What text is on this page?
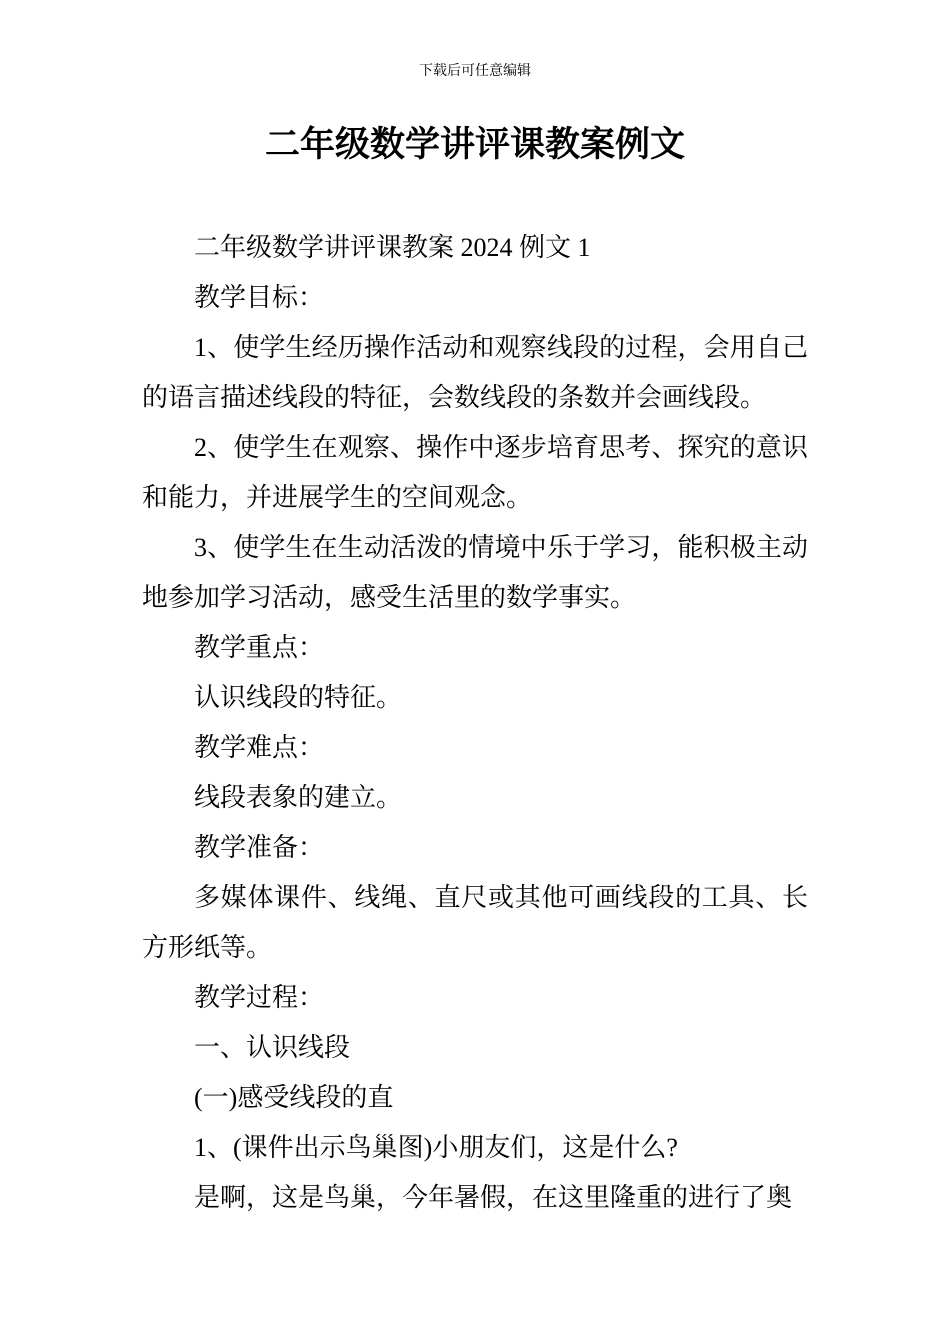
下载后可任意编辑
二年级数学讲评课教案例文

二年级数学讲评课教案 2024 例文 1

教学目标：

1、使学生经历操作活动和观察线段的过程，会用自己的语言描述线段的特征，会数线段的条数并会画线段。

2、使学生在观察、操作中逐步培育思考、探究的意识和能力，并进展学生的空间观念。

3、使学生在生动活泼的情境中乐于学习，能积极主动地参加学习活动，感受生活里的数学事实。

教学重点：

认识线段的特征。

教学难点：

线段表象的建立。

教学准备：

多媒体课件、线绳、直尺或其他可画线段的工具、长方形纸等。

教学过程：

一、认识线段

(一)感受线段的直

1、(课件出示鸟巢图)小朋友们，这是什么?

是啊，这是鸟巢，今年暑假，在这里隆重的进行了奥
